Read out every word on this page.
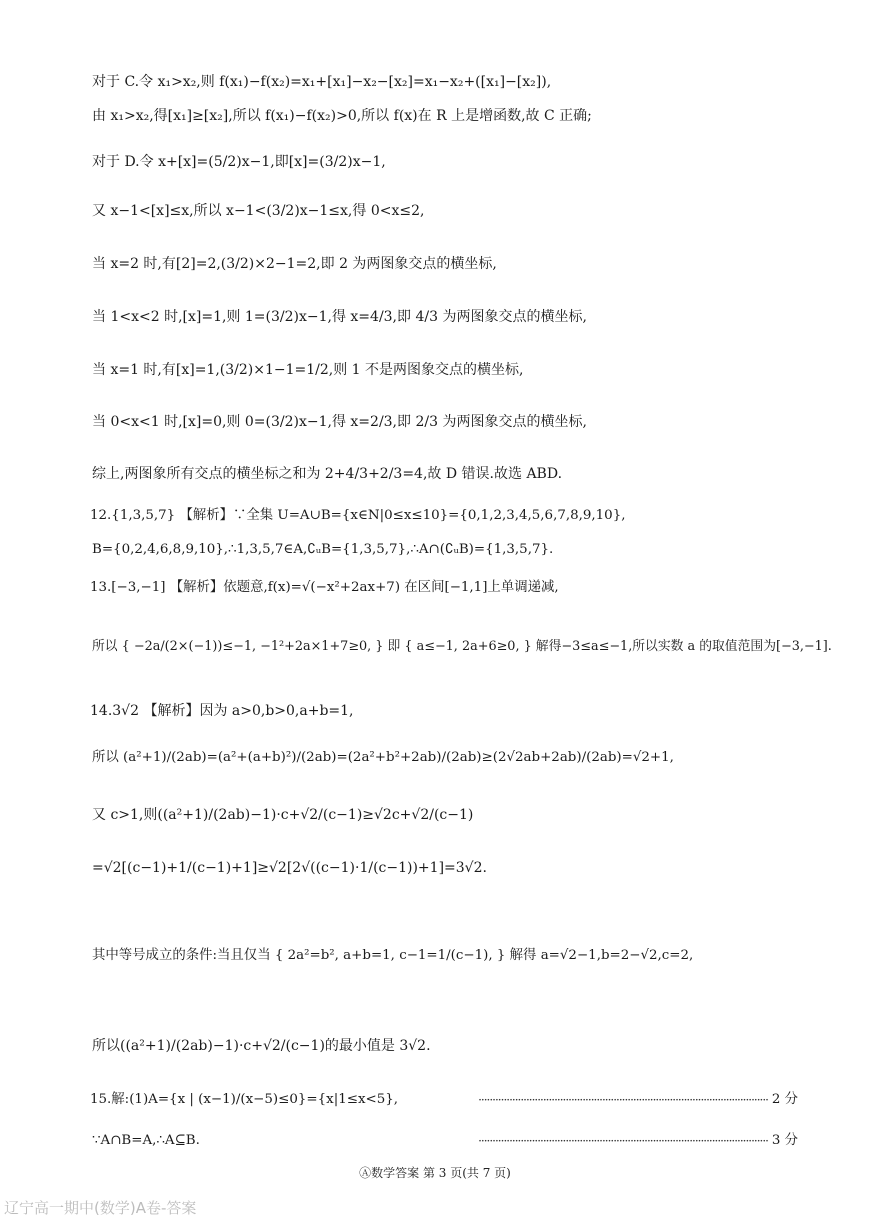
对于 C.令 x₁>x₂,则 f(x₁)−f(x₂)=x₁+[x₁]−x₂−[x₂]=x₁−x₂+([x₁]−[x₂]),
由 x₁>x₂,得[x₁]≥[x₂],所以 f(x₁)−f(x₂)>0,所以 f(x)在 R 上是增函数,故 C 正确;
对于 D.令 x+[x]=(5/2)x−1,即[x]=(3/2)x−1,
又 x−1<[x]≤x,所以 x−1<(3/2)x−1≤x,得 0<x≤2,
当 x=2 时,有[2]=2,(3/2)×2−1=2,即 2 为两图象交点的横坐标,
当 1<x<2 时,[x]=1,则 1=(3/2)x−1,得 x=4/3,即 4/3 为两图象交点的横坐标,
当 x=1 时,有[x]=1,(3/2)×1−1=1/2,则 1 不是两图象交点的横坐标,
当 0<x<1 时,[x]=0,则 0=(3/2)x−1,得 x=2/3,即 2/3 为两图象交点的横坐标,
综上,两图象所有交点的横坐标之和为 2+4/3+2/3=4,故 D 错误.故选 ABD.
12.{1,3,5,7} 【解析】∵全集 U=A∪B={x∈N|0≤x≤10}={0,1,2,3,4,5,6,7,8,9,10},
B={0,2,4,6,8,9,10},∴1,3,5,7∈A,∁ᵤB={1,3,5,7},∴A∩(∁ᵤB)={1,3,5,7}.
13.[−3,−1] 【解析】依题意,f(x)=√(−x²+2ax+7) 在区间[−1,1]上单调递减,
所以 { −2a/(2×(−1))≤−1, −1²+2a×1+7≥0, } 即 { a≤−1, 2a+6≥0, } 解得−3≤a≤−1,所以实数 a 的取值范围为[−3,−1].
14.3√2 【解析】因为 a>0,b>0,a+b=1,
所以 (a²+1)/(2ab)=(a²+(a+b)²)/(2ab)=(2a²+b²+2ab)/(2ab)≥(2√2ab+2ab)/(2ab)=√2+1,
又 c>1,则((a²+1)/(2ab)−1)·c+√2/(c−1)≥√2c+√2/(c−1)
=√2[(c−1)+1/(c−1)+1]≥√2[2√((c−1)·1/(c−1))+1]=3√2.
其中等号成立的条件:当且仅当 { 2a²=b², a+b=1, c−1=1/(c−1), } 解得 a=√2−1,b=2−√2,c=2,
所以((a²+1)/(2ab)−1)·c+√2/(c−1)的最小值是 3√2.
15.解:(1)A={x | (x−1)/(x−5)≤0}={x|1≤x<5},	······································································································· 2 分
∵A∩B=A,∴A⊆B.	······································································································· 3 分
Ⓐ数学答案 第 3 页(共 7 页)
辽宁高一期中(数学)A卷-答案
